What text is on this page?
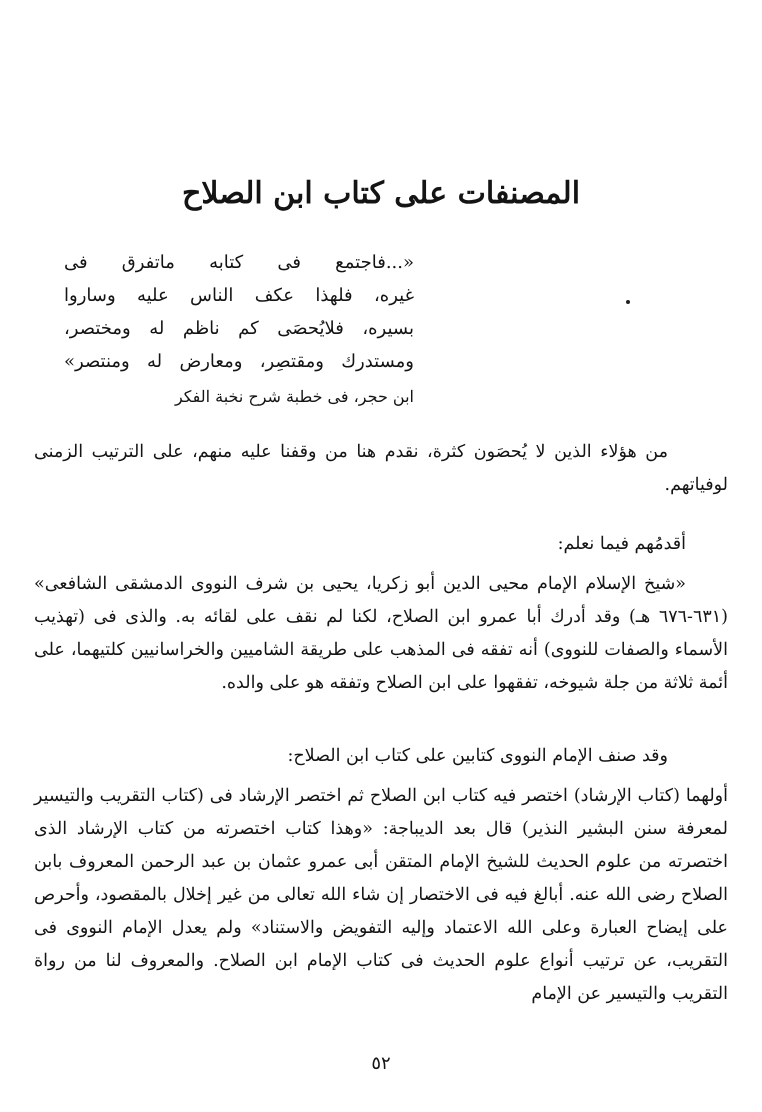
المصنفات على كتاب ابن الصلاح
«...فاجتمع فى كتابه ماتفرق فى
غيره، فلهذا عكف الناس عليه وساروا
بسيره، فلايُحصَى كم ناظم له ومختصر،
ومستدرك ومقتصِر، ومعارض له ومنتصر»
ابن حجر، فى خطبة شرح نخبة الفكر
من هؤلاء الذين لا يُحصَون كثرة، نقدم هنا من وقفنا عليه منهم، على الترتيب الزمنى لوفياتهم.
أقدمُهم فيما نعلم:
«شيخ الإسلام الإمام محيى الدين أبو زكريا، يحيى بن شرف النووى الدمشقى الشافعى» (٦٣١-٦٧٦ هـ) وقد أدرك أبا عمرو ابن الصلاح، لكنا لم نقف على لقائه به. والذى فى (تهذيب الأسماء والصفات للنووى) أنه تفقه فى المذهب على طريقة الشاميين والخراسانيين كلتيهما، على أئمة ثلاثة من جلة شيوخه، تفقهوا على ابن الصلاح وتفقه هو على والده.
وقد صنف الإمام النووى كتابين على كتاب ابن الصلاح:
أولهما (كتاب الإرشاد) اختصر فيه كتاب ابن الصلاح ثم اختصر الإرشاد فى (كتاب التقريب والتيسير لمعرفة سنن البشير النذير) قال بعد الديباجة: «وهذا كتاب اختصرته من كتاب الإرشاد الذى اختصرته من علوم الحديث للشيخ الإمام المتقن أبى عمرو عثمان بن عبد الرحمن المعروف بابن الصلاح رضى الله عنه. أبالغ فيه فى الاختصار إن شاء الله تعالى من غير إخلال بالمقصود، وأحرص على إيضاح العبارة وعلى الله الاعتماد وإليه التفويض والاستناد» ولم يعدل الإمام النووى فى التقريب، عن ترتيب أنواع علوم الحديث فى كتاب الإمام ابن الصلاح. والمعروف لنا من رواة التقريب والتيسير عن الإمام
٥٢
